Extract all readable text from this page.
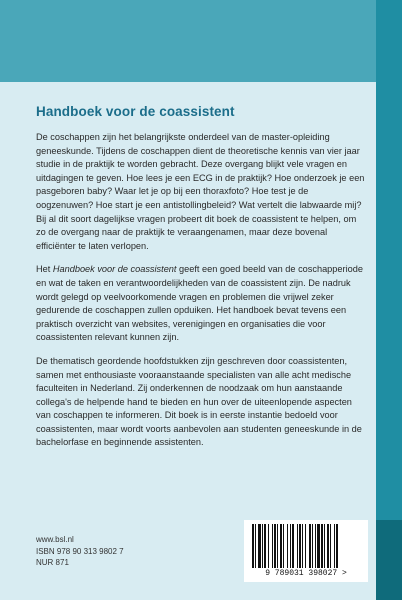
Handboek voor de coassistent

De coschappen zijn het belangrijkste onderdeel van de master-opleiding geneeskunde. Tijdens de coschappen dient de theoretische kennis van vier jaar studie in de praktijk te worden gebracht. Deze overgang blijkt vele vragen en uitdagingen te geven. Hoe lees je een ECG in de praktijk? Hoe onderzoek je een pasgeboren baby? Waar let je op bij een thoraxfoto? Hoe test je de oogzenuwen? Hoe start je een antistollingbeleid? Wat vertelt die labwaarde mij? Bij al dit soort dagelijkse vragen probeert dit boek de coassistent te helpen, om zo de overgang naar de praktijk te veraangenamen, maar deze bovenal efficiënter te laten verlopen.

Het Handboek voor de coassistent geeft een goed beeld van de coschapperiode en wat de taken en verantwoordelijkheden van de coassistent zijn. De nadruk wordt gelegd op veelvoorkomende vragen en problemen die vrijwel zeker gedurende de coschappen zullen opduiken. Het handboek bevat tevens een praktisch overzicht van websites, verenigingen en organisaties die voor coassistenten relevant kunnen zijn.

De thematisch geordende hoofdstukken zijn geschreven door coassistenten, samen met enthousiaste vooraanstaande specialisten van alle acht medische faculteiten in Nederland. Zij onderkennen de noodzaak om hun aanstaande collega's de helpende hand te bieden en hun over de uiteenlopende aspecten van coschappen te informeren. Dit boek is in eerste instantie bedoeld voor coassistenten, maar wordt voorts aanbevolen aan studenten geneeskunde in de bachelorfase en beginnende assistenten.

www.bsl.nl
ISBN 978 90 313 9802 7
NUR 871
9 789031 398027 >
